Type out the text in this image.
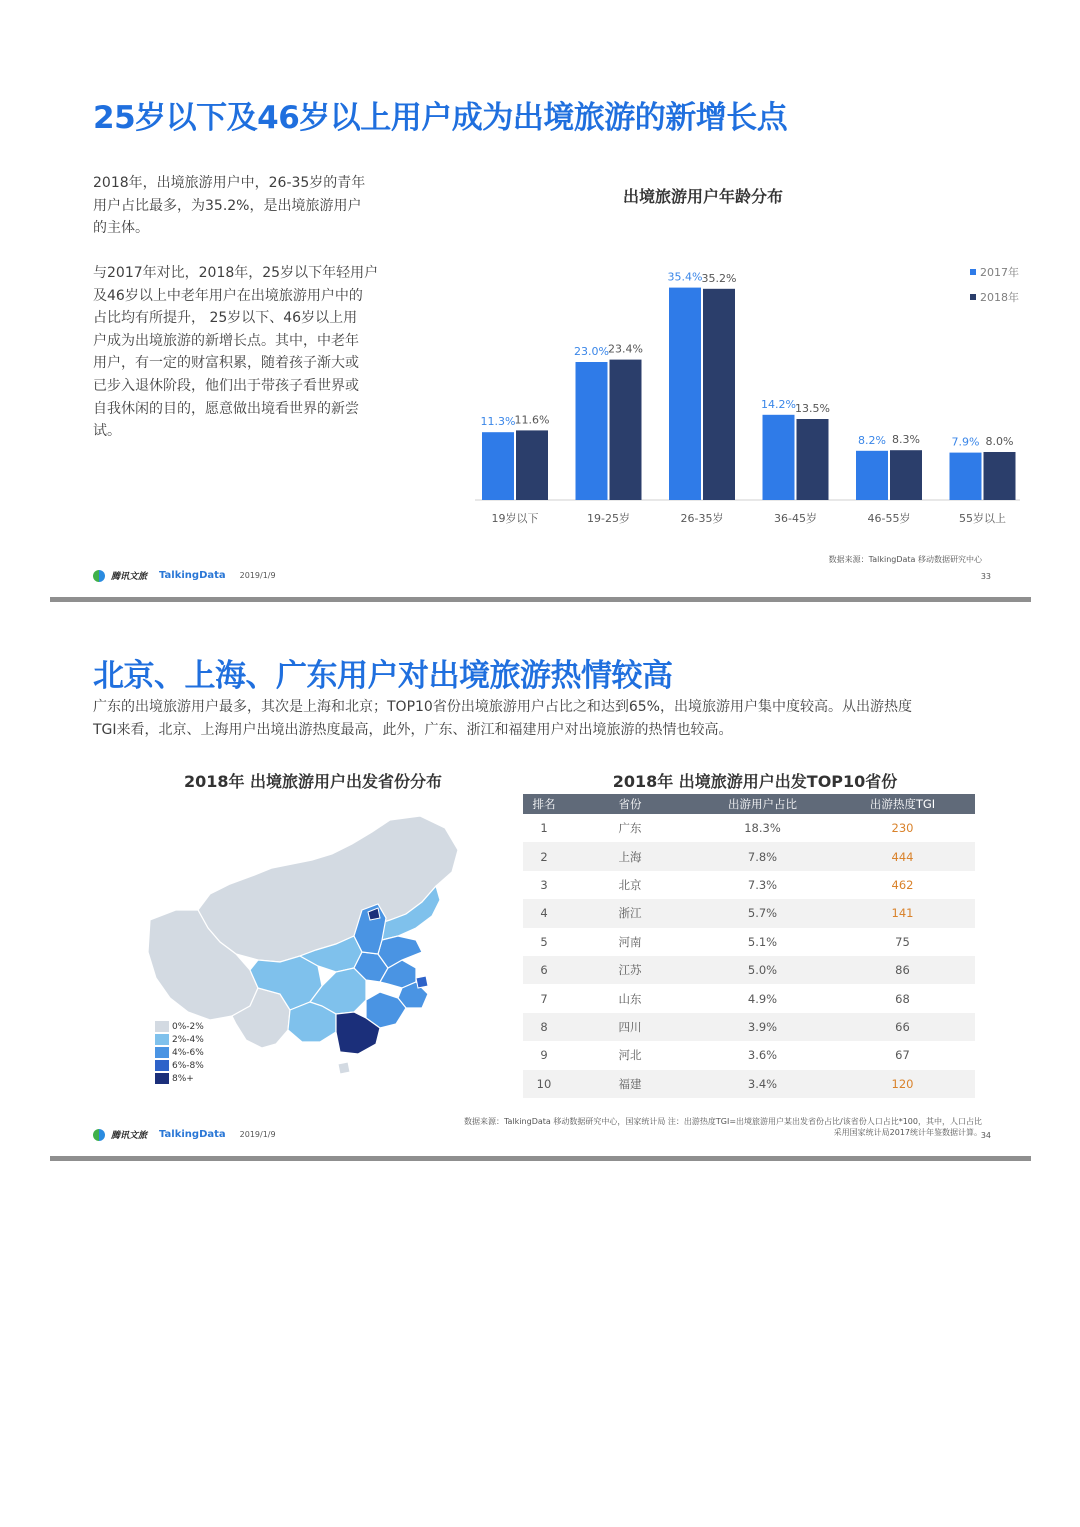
25岁以下及46岁以上用户成为出境旅游的新增长点
2018年，出境旅游用户中，26-35岁的青年
用户占比最多，为35.2%，是出境旅游用户
的主体。
与2017年对比，2018年，25岁以下年轻用户
及46岁以上中老年用户在出境旅游用户中的
占比均有所提升， 25岁以下、46岁以上用
户成为出境旅游的新增长点。其中，中老年
用户，有一定的财富积累，随着孩子渐大或
已步入退休阶段，他们出于带孩子看世界或
自我休闲的目的，愿意做出境看世界的新尝
试。
出境旅游用户年龄分布
11.3% 11.6%
19岁以下
23.0% 23.4%
19-25岁
35.4% 35.2%
26-35岁
14.2% 13.5%
36-45岁
8.2% 8.3%
46-55岁
7.9% 8.0%
55岁以上
2017年
2018年
腾讯文旅 TalkingData 2019/1/9
数据来源：TalkingData 移动数据研究中心
33
北京、上海、广东用户对出境旅游热情较高
广东的出境旅游用户最多，其次是上海和北京；TOP10省份出境旅游用户占比之和达到65%，出境旅游用户集中度较高。从出游热度
TGI来看，北京、上海用户出境出游热度最高，此外，广东、浙江和福建用户对出境旅游的热情也较高。
2018年 出境旅游用户出发省份分布
0%-2%
2%-4%
4%-6%
6%-8%
8%+
2018年 出境旅游用户出发TOP10省份
排名	省份	出游用户占比	出游热度TGI
1	广东	18.3%	230
2	上海	7.8%	444
3	北京	7.3%	462
4	浙江	5.7%	141
5	河南	5.1%	75
6	江苏	5.0%	86
7	山东	4.9%	68
8	四川	3.9%	66
9	河北	3.6%	67
10	福建	3.4%	120
腾讯文旅 TalkingData 2019/1/9
数据来源：TalkingData 移动数据研究中心，国家统计局 注：出游热度TGI=出境旅游用户某出发省份占比/该省份人口占比*100，其中，人口占比
采用国家统计局2017统计年鉴数据计算。
34
